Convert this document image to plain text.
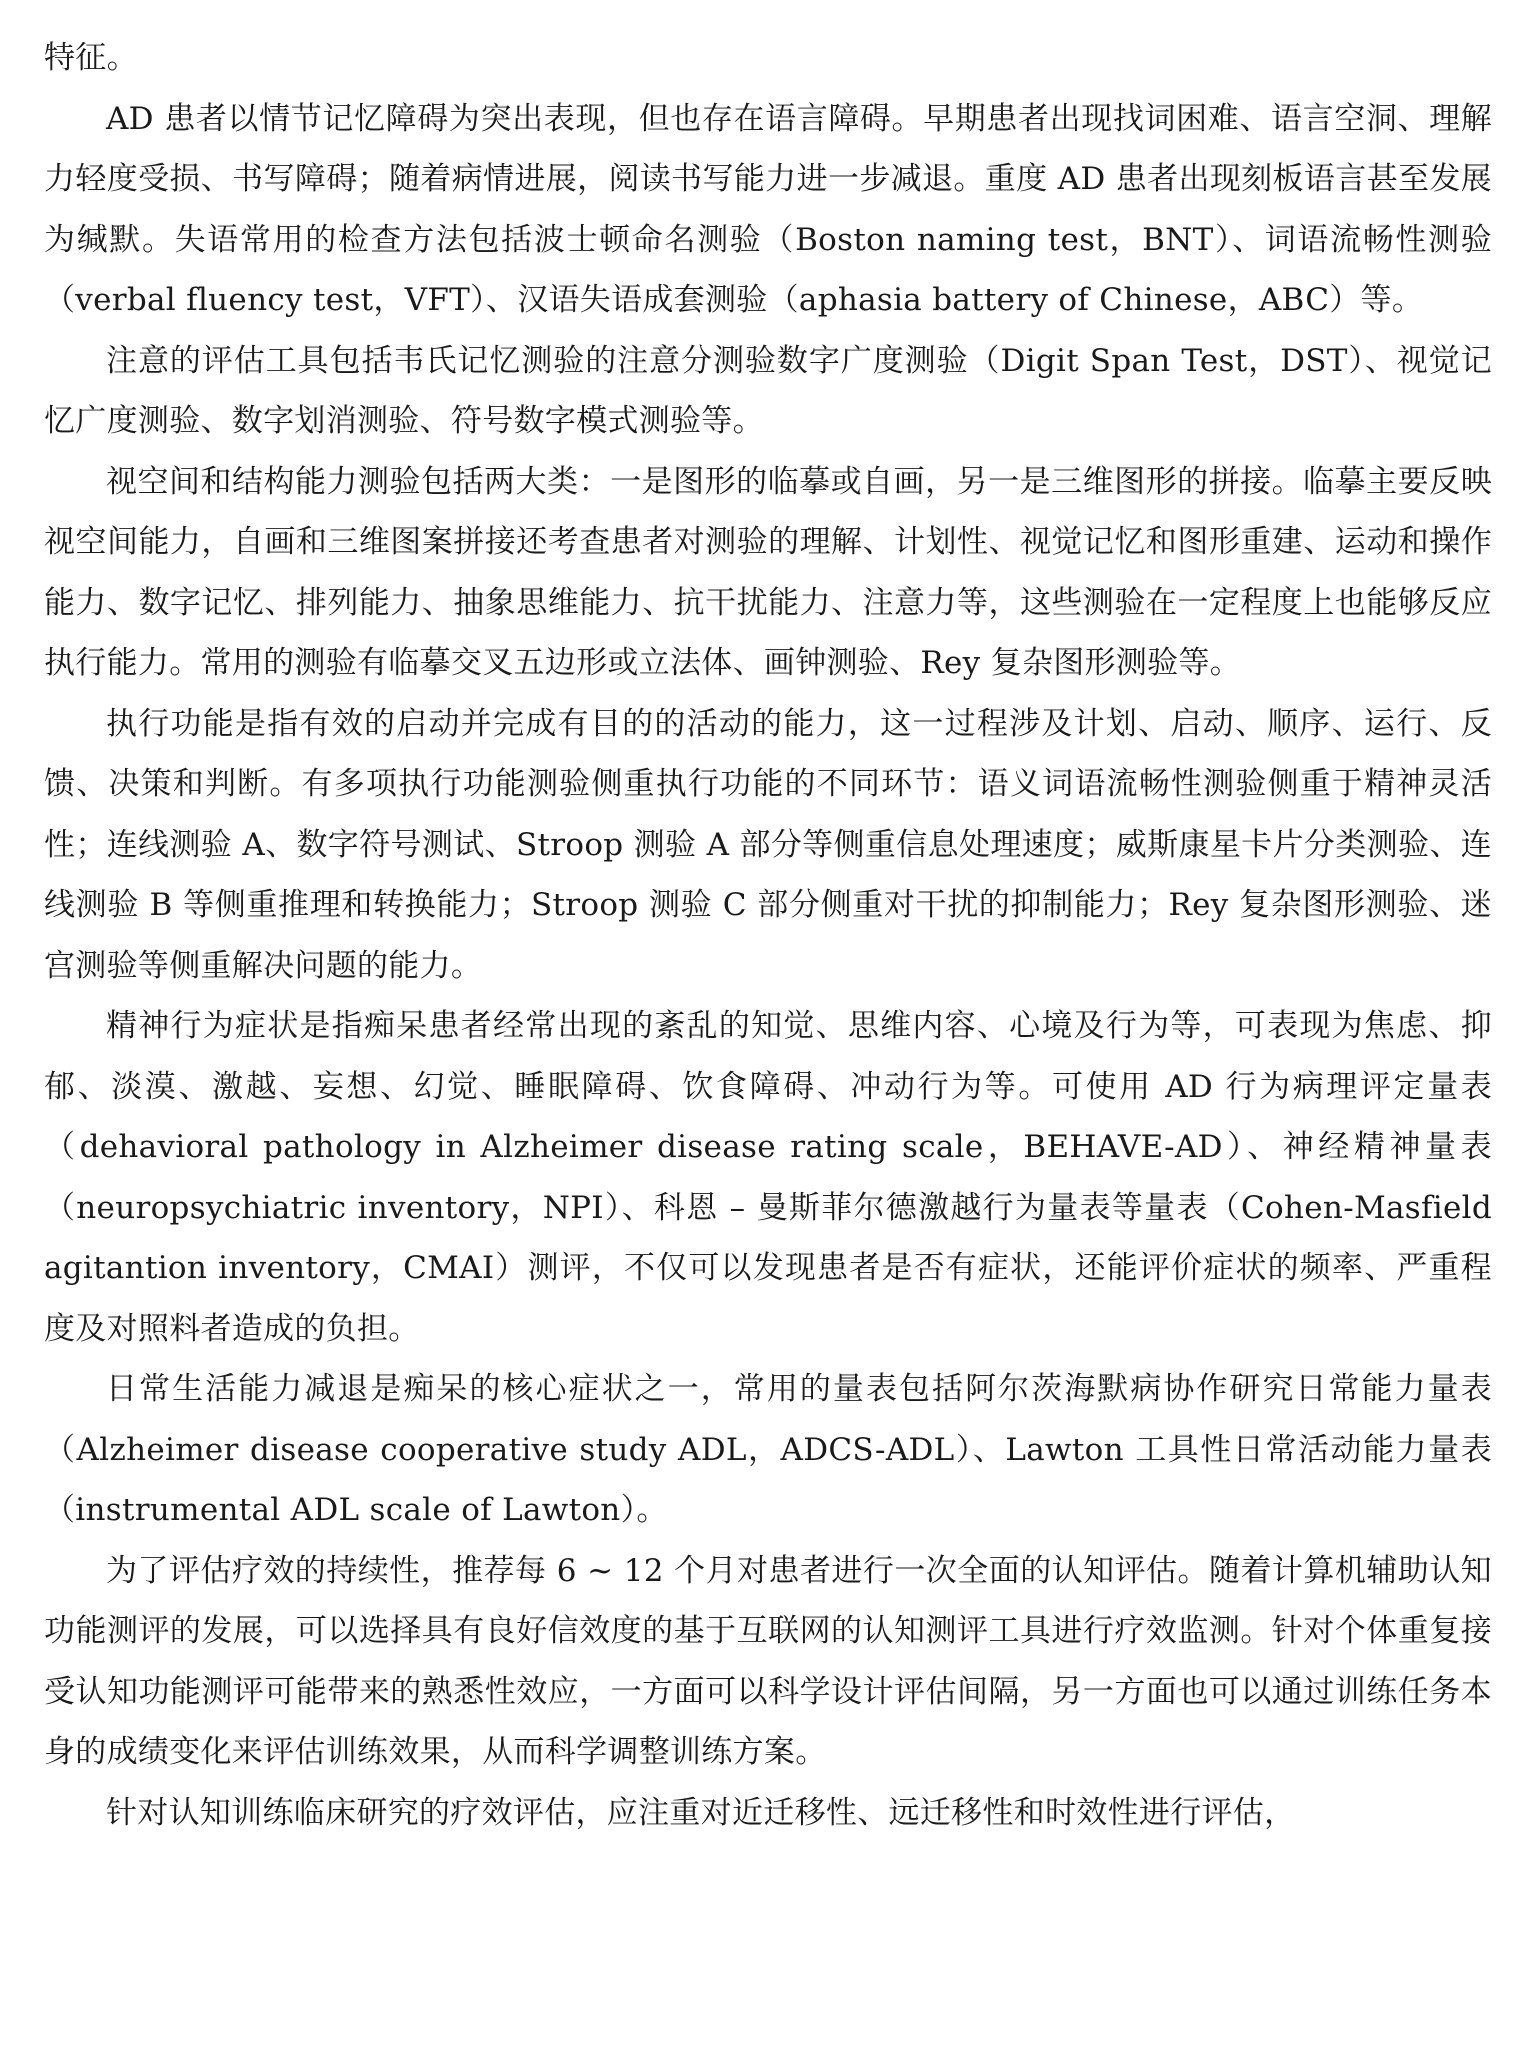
特征。

AD 患者以情节记忆障碍为突出表现，但也存在语言障碍。早期患者出现找词困难、语言空洞、理解力轻度受损、书写障碍；随着病情进展，阅读书写能力进一步减退。重度 AD 患者出现刻板语言甚至发展为缄默。失语常用的检查方法包括波士顿命名测验（Boston naming test，BNT）、词语流畅性测验（verbal fluency test，VFT）、汉语失语成套测验（aphasia battery of Chinese，ABC）等。

注意的评估工具包括韦氏记忆测验的注意分测验数字广度测验（Digit Span Test，DST）、视觉记忆广度测验、数字划消测验、符号数字模式测验等。

视空间和结构能力测验包括两大类：一是图形的临摹或自画，另一是三维图形的拼接。临摹主要反映视空间能力，自画和三维图案拼接还考查患者对测验的理解、计划性、视觉记忆和图形重建、运动和操作能力、数字记忆、排列能力、抽象思维能力、抗干扰能力、注意力等，这些测验在一定程度上也能够反应执行能力。常用的测验有临摹交叉五边形或立法体、画钟测验、Rey 复杂图形测验等。

执行功能是指有效的启动并完成有目的的活动的能力，这一过程涉及计划、启动、顺序、运行、反馈、决策和判断。有多项执行功能测验侧重执行功能的不同环节：语义词语流畅性测验侧重于精神灵活性；连线测验 A、数字符号测试、Stroop 测验 A 部分等侧重信息处理速度；威斯康星卡片分类测验、连线测验 B 等侧重推理和转换能力；Stroop 测验 C 部分侧重对干扰的抑制能力；Rey 复杂图形测验、迷宫测验等侧重解决问题的能力。

精神行为症状是指痴呆患者经常出现的紊乱的知觉、思维内容、心境及行为等，可表现为焦虑、抑郁、淡漠、激越、妄想、幻觉、睡眠障碍、饮食障碍、冲动行为等。可使用 AD 行为病理评定量表（dehavioral pathology in Alzheimer disease rating scale，BEHAVE-AD）、神经精神量表（neuropsychiatric inventory，NPI）、科恩 – 曼斯菲尔德激越行为量表等量表（Cohen-Masfield agitantion inventory，CMAI）测评，不仅可以发现患者是否有症状，还能评价症状的频率、严重程度及对照料者造成的负担。

日常生活能力减退是痴呆的核心症状之一，常用的量表包括阿尔茨海默病协作研究日常能力量表（Alzheimer disease cooperative study ADL，ADCS-ADL）、Lawton 工具性日常活动能力量表（instrumental ADL scale of Lawton）。

为了评估疗效的持续性，推荐每 6 ~ 12 个月对患者进行一次全面的认知评估。随着计算机辅助认知功能测评的发展，可以选择具有良好信效度的基于互联网的认知测评工具进行疗效监测。针对个体重复接受认知功能测评可能带来的熟悉性效应，一方面可以科学设计评估间隔，另一方面也可以通过训练任务本身的成绩变化来评估训练效果，从而科学调整训练方案。

针对认知训练临床研究的疗效评估，应注重对近迁移性、远迁移性和时效性进行评估，
